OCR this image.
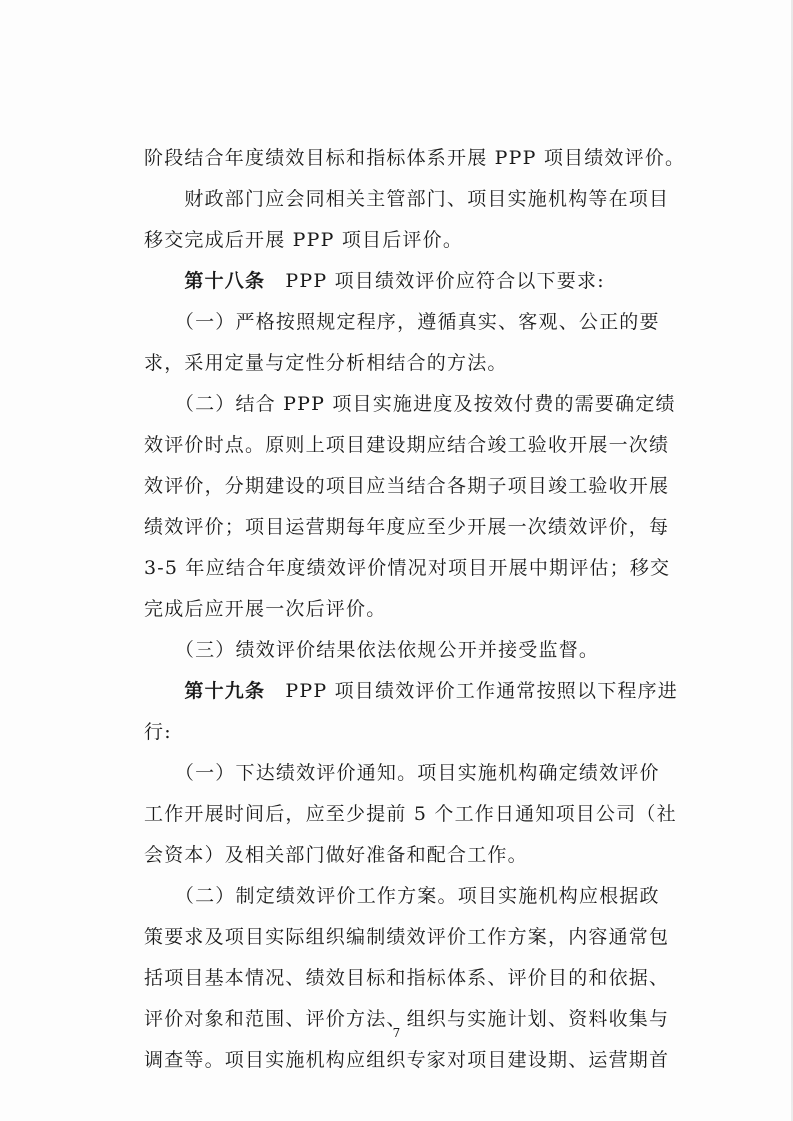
阶段结合年度绩效目标和指标体系开展 PPP 项目绩效评价。
　　财政部门应会同相关主管部门、项目实施机构等在项目
移交完成后开展 PPP 项目后评价。
　　第十八条　PPP 项目绩效评价应符合以下要求:
　　（一）严格按照规定程序，遵循真实、客观、公正的要
求，采用定量与定性分析相结合的方法。
　　（二）结合 PPP 项目实施进度及按效付费的需要确定绩
效评价时点。原则上项目建设期应结合竣工验收开展一次绩
效评价，分期建设的项目应当结合各期子项目竣工验收开展
绩效评价；项目运营期每年度应至少开展一次绩效评价，每
3-5 年应结合年度绩效评价情况对项目开展中期评估；移交
完成后应开展一次后评价。
　　（三）绩效评价结果依法依规公开并接受监督。
　　第十九条　PPP 项目绩效评价工作通常按照以下程序进
行:
　　（一）下达绩效评价通知。项目实施机构确定绩效评价
工作开展时间后，应至少提前 5 个工作日通知项目公司（社
会资本）及相关部门做好准备和配合工作。
　　（二）制定绩效评价工作方案。项目实施机构应根据政
策要求及项目实际组织编制绩效评价工作方案，内容通常包
括项目基本情况、绩效目标和指标体系、评价目的和依据、
评价对象和范围、评价方法、组织与实施计划、资料收集与
调查等。项目实施机构应组织专家对项目建设期、运营期首
7
